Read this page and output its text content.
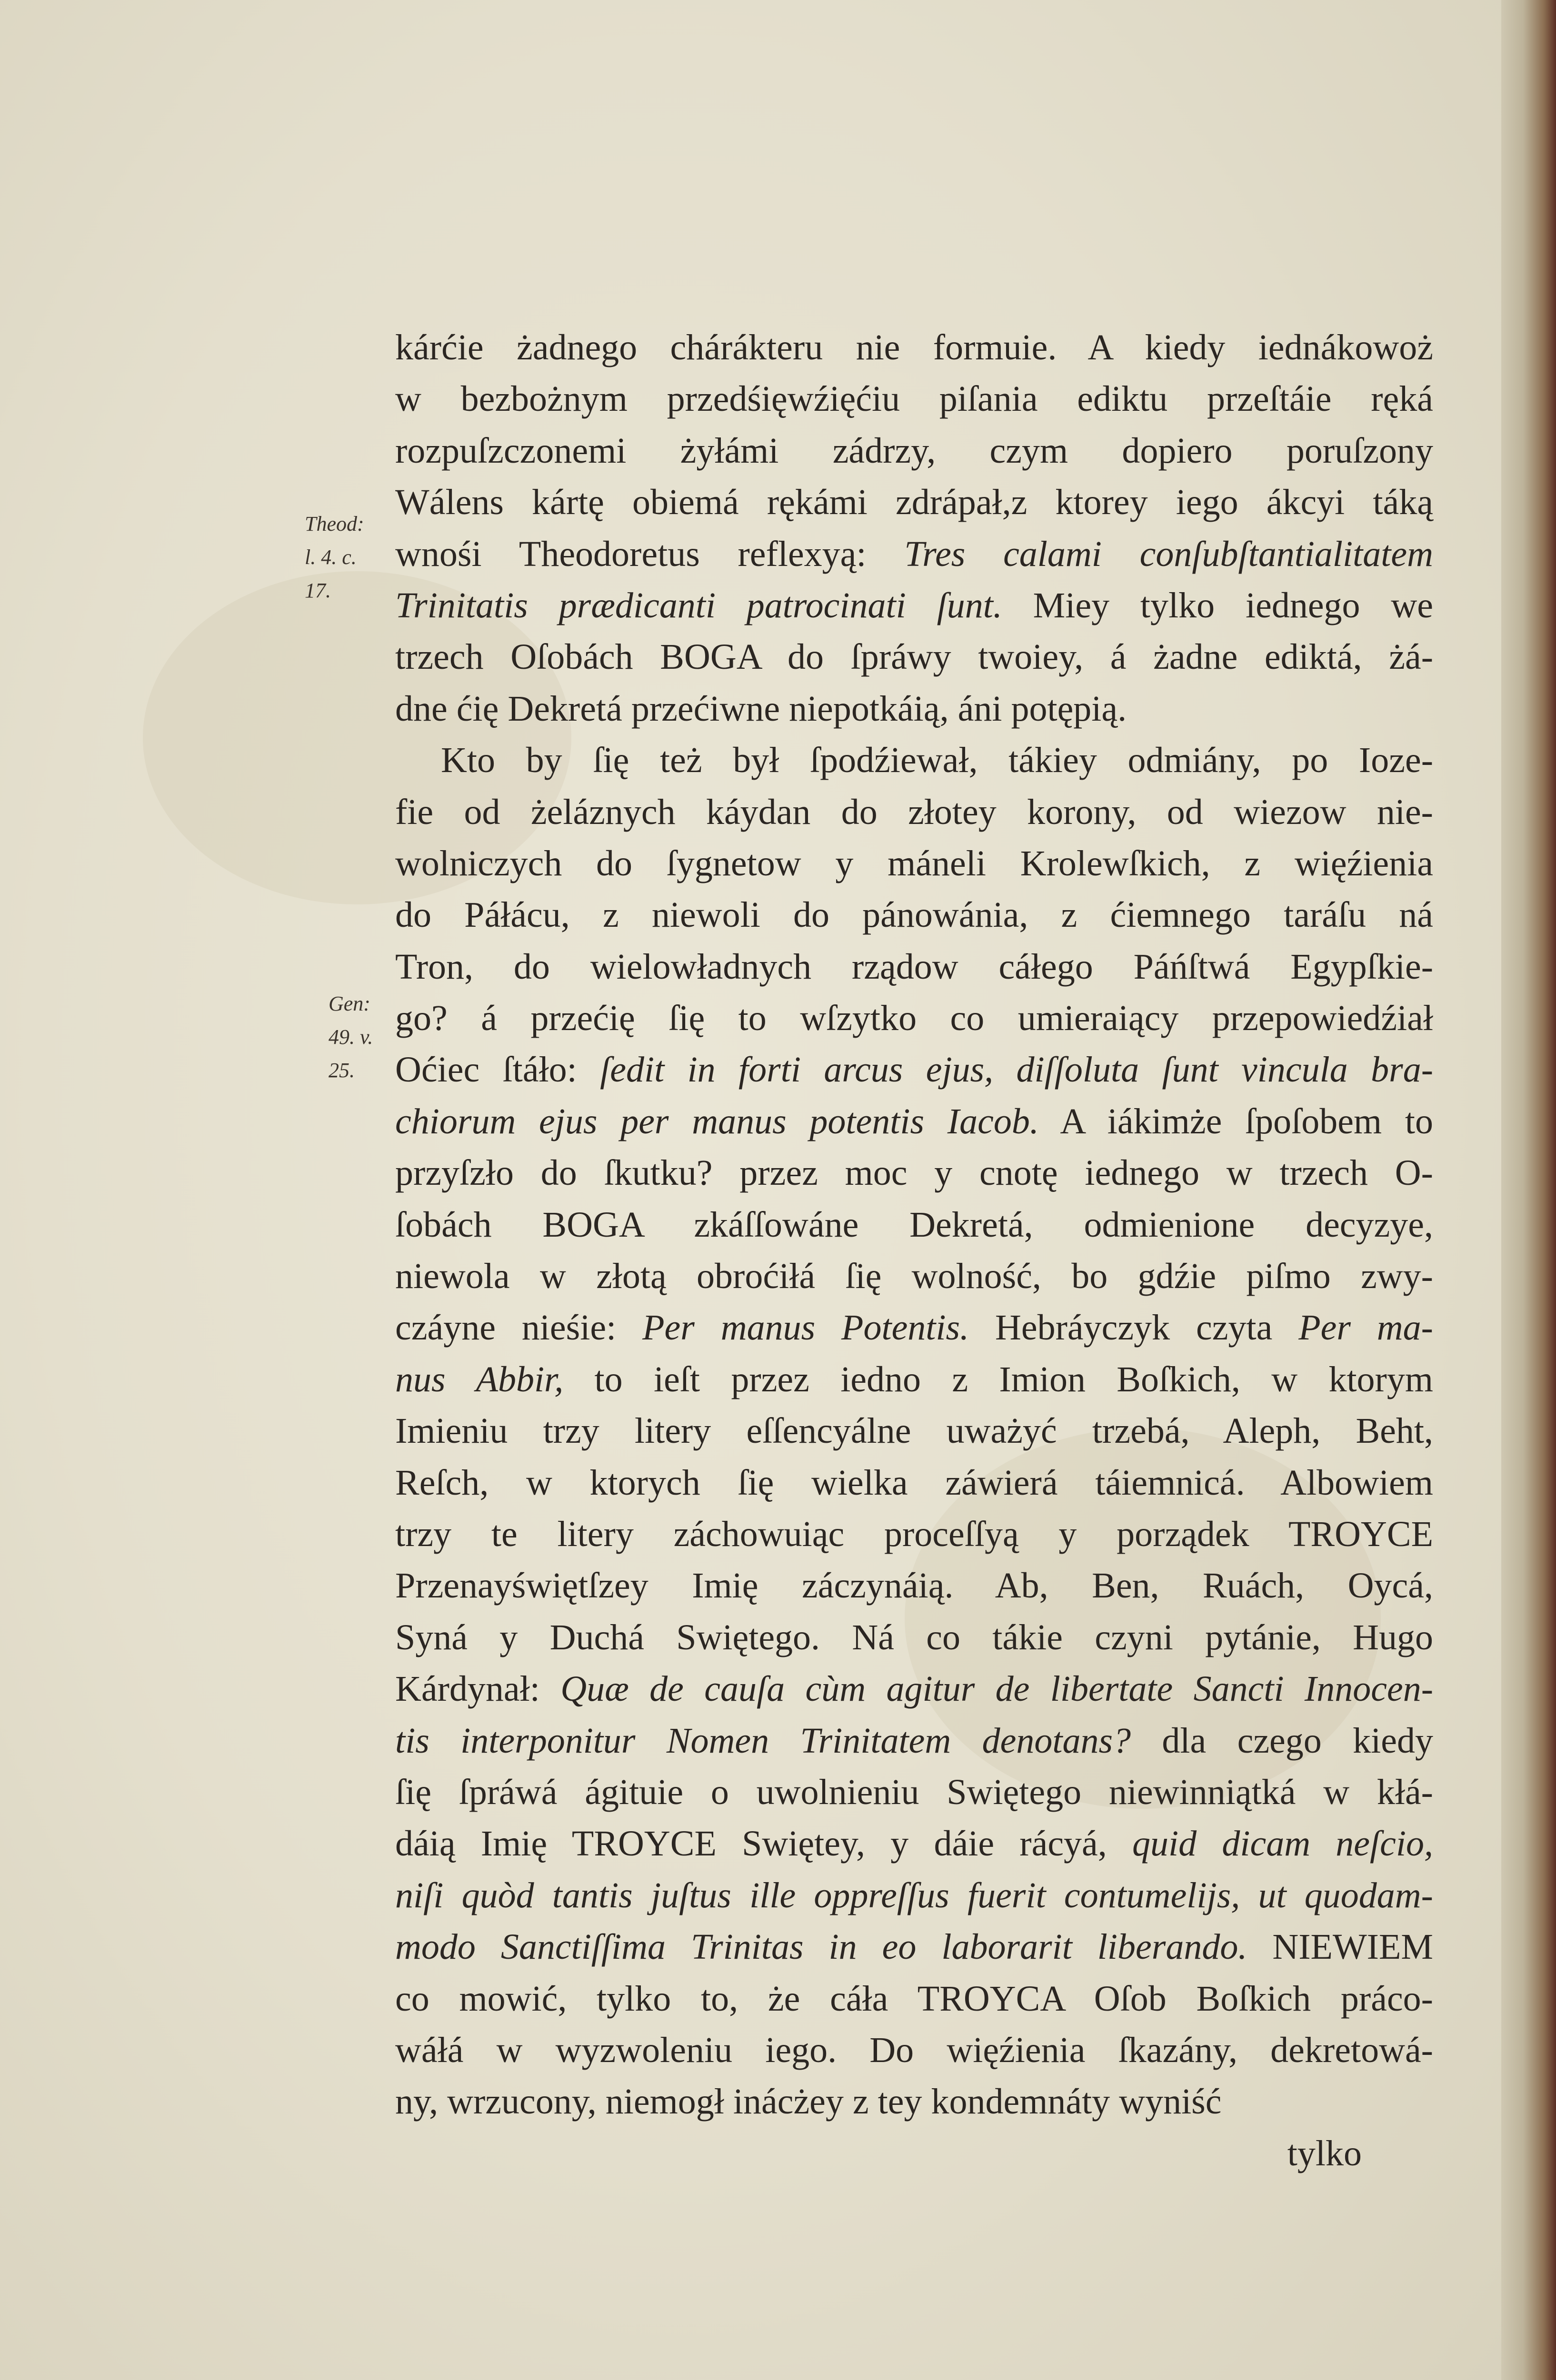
Theod:
l. 4. c.
17.
Gen:
49. v.
25.
kárćie żadnego chárákteru nie formuie. A kiedy iednákowoż
w bezbożnym przedśięwźięćiu piſania ediktu przeſtáie ręká
rozpuſzczonemi żyłámi zádrzy, czym dopiero poruſzony
Wálens kártę obiemá rękámi zdrápał,z ktorey iego ákcyi táką
wnośi Theodoretus reflexyą: Tres calami conſubſtantialitatem
Trinitatis prædicanti patrocinati ſunt. Miey tylko iednego we
trzech Oſobách BOGA do ſpráwy twoiey, á żadne ediktá, żá-
dne ćię Dekretá przećiwne niepotkáią, áni potępią.
Kto by ſię też był ſpodźiewał, tákiey odmiány, po Ioze-
fie od żeláznych káydan do złotey korony, od wiezow nie-
wolniczych do ſygnetow y máneli Krolewſkich, z więźienia
do Páłácu, z niewoli do pánowánia, z ćiemnego taráſu ná
Tron, do wielowładnych rządow cáłego Páńſtwá Egypſkie-
go? á przećię ſię to wſzytko co umieraiący przepowiedźiał
Oćiec ſtáło: ſedit in forti arcus ejus, diſſoluta ſunt vincula bra-
chiorum ejus per manus potentis Iacob. A iákimże ſpoſobem to
przyſzło do ſkutku? przez moc y cnotę iednego w trzech O-
ſobách BOGA zkáſſowáne Dekretá, odmienione decyzye,
niewola w złotą obroćiłá ſię wolność, bo gdźie piſmo zwy-
czáyne nieśie: Per manus Potentis. Hebráyczyk czyta Per ma-
nus Abbir, to ieſt przez iedno z Imion Boſkich, w ktorym
Imieniu trzy litery eſſencyálne uważyć trzebá, Aleph, Beht,
Reſch, w ktorych ſię wielka záwierá táiemnicá. Albowiem
trzy te litery záchowuiąc proceſſyą y porządek TROYCE
Przenayświętſzey Imię záczynáią. Ab, Ben, Ruách, Oycá,
Syná y Duchá Swiętego. Ná co tákie czyni pytánie, Hugo
Kárdynał: Quæ de cauſa cùm agitur de libertate Sancti Innocen-
tis interponitur Nomen Trinitatem denotans? dla czego kiedy
ſię ſpráwá ágituie o uwolnieniu Swiętego niewinniątká w kłá-
dáią Imię TROYCE Swiętey, y dáie rácyá, quid dicam neſcio,
niſi quòd tantis juſtus ille oppreſſus fuerit contumelijs, ut quodam-
modo Sanctiſſima Trinitas in eo laborarit liberando. NIEWIEM
co mowić, tylko to, że cáła TROYCA Oſob Boſkich práco-
wáłá w wyzwoleniu iego. Do więźienia ſkazány, dekretowá-
ny, wrzucony, niemogł inácżey z tey kondemnáty wyniść
tylko
